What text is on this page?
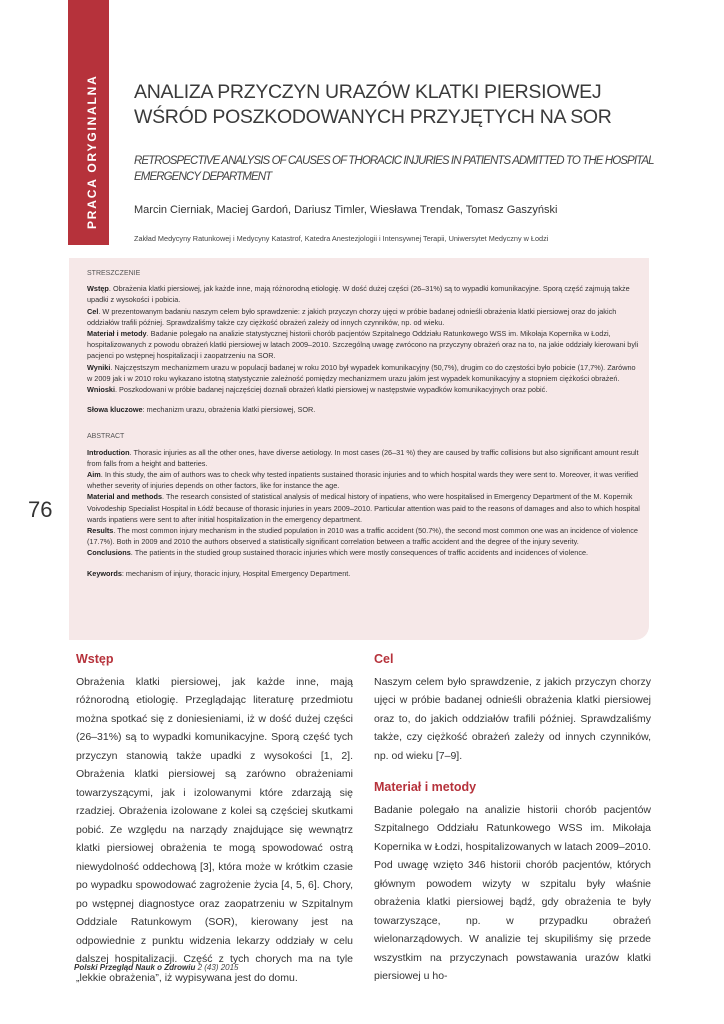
PRACA ORYGINALNA ANALIZA PRZYCZYN URAZÓW KLATKI PIERSIOWEJ WŚRÓD POSZKODOWANYCH PRZYJĘTYCH NA SOR

RETROSPECTIVE ANALYSIS OF CAUSES OF THORACIC INJURIES IN PATIENTS ADMITTED TO THE HOSPITAL EMERGENCY DEPARTMENT

Marcin Cierniak, Maciej Gardoń, Dariusz Timler, Wiesława Trendak, Tomasz Gaszyński
Zakład Medycyny Ratunkowej i Medycyny Katastrof, Katedra Anestezjologii i Intensywnej Terapii, Uniwersytet Medyczny w Łodzi
STRESZCZENIE

Wstęp. Obrażenia klatki piersiowej, jak każde inne, mają różnorodną etiologię. W dość dużej części (26–31%) są to wypadki komunikacyjne. Sporą część zajmują także upadki z wysokości i pobicia.

Cel. W prezentowanym badaniu naszym celem było sprawdzenie: z jakich przyczyn chorzy ujęci w próbie badanej odnieśli obrażenia klatki piersiowej oraz do jakich oddziałów trafili później. Sprawdzaliśmy także czy ciężkość obrażeń zależy od innych czynników, np. od wieku.

Materiał i metody. Badanie polegało na analizie statystycznej historii chorób pacjentów Szpitalnego Oddziału Ratunkowego WSS im. Mikołaja Kopernika w Łodzi, hospitalizowanych z powodu obrażeń klatki piersiowej w latach 2009–2010. Szczególną uwagę zwrócono na przyczyny obrażeń oraz na to, na jakie oddziały kierowani byli pacjenci po wstępnej hospitalizacji i zaopatrzeniu na SOR.

Wyniki. Najczęstszym mechanizmem urazu w populacji badanej w roku 2010 był wypadek komunikacyjny (50,7%), drugim co do częstości było pobicie (17,7%). Zarówno w 2009 jak i w 2010 roku wykazano istotną statystycznie zależność pomiędzy mechanizmem urazu jakim jest wypadek komunikacyjny a stopniem ciężkości obrażeń.

Wnioski. Poszkodowani w próbie badanej najczęściej doznali obrażeń klatki piersiowej w następstwie wypadków komunikacyjnych oraz pobić.

Słowa kluczowe: mechanizm urazu, obrażenia klatki piersiowej, SOR.

ABSTRACT

Introduction. Thorasic injuries as all the other ones, have diverse aetiology. In most cases (26–31 %) they are caused by traffic collisions but also significant amount result from falls from a height and batteries.

Aim. In this study, the aim of authors was to check why tested inpatients sustained thorasic injuries and to which hospital wards they were sent to. Moreover, it was verified whether severity of injuries depends on other factors, like for instance the age.

Material and methods. The research consisted of statistical analysis of medical history of inpatiens, who were hospitalised in Emergency Department of the M. Kopernik Voivodeship Specialist Hospital in Łódź because of thorasic injuries in years 2009–2010. Particular attention was paid to the reasons of damages and also to which hospital wards inpatiens were sent to after initial hospitalization in the emergency department.

Results. The most common injury mechanism in the studied population in 2010 was a traffic accident (50.7%), the second most common one was an incidence of violence (17.7%). Both in 2009 and 2010 the authors observed a statistically significant correlation between a traffic accident and the degree of the injury severity.

Conclusions. The patients in the studied group sustained thoracic injuries which were mostly consequences of traffic accidents and incidences of violence.

Keywords: mechanism of injury, thoracic injury, Hospital Emergency Department.

76
Wstęp

Obrażenia klatki piersiowej, jak każde inne, mają różnorodną etiologię. Przeglądając literaturę przedmiotu można spotkać się z doniesieniami, iż w dość dużej części (26–31%) są to wypadki komunikacyjne. Sporą część tych przyczyn stanowią także upadki z wysokości [1, 2]. Obrażenia klatki piersiowej są zarówno obrażeniami towarzyszącymi, jak i izolowanymi które zdarzają się rzadziej. Obrażenia izolowane z kolei są częściej skutkami pobić. Ze względu na narządy znajdujące się wewnątrz klatki piersiowej obrażenia te mogą spowodować ostrą niewydolność oddechową [3], która może w krótkim czasie po wypadku spowodować zagrożenie życia [4, 5, 6]. Chory, po wstępnej diagnostyce oraz zaopatrzeniu w Szpitalnym Oddziale Ratunkowym (SOR), kierowany jest na odpowiednie z punktu widzenia lekarzy oddziały w celu dalszej hospitalizacji. Część z tych chorych ma na tyle „lekkie obrażenia”, iż wypisywana jest do domu.

Cel

Naszym celem było sprawdzenie, z jakich przyczyn chorzy ujęci w próbie badanej odnieśli obrażenia klatki piersiowej oraz to, do jakich oddziałów trafili później. Sprawdzaliśmy także, czy ciężkość obrażeń zależy od innych czynników, np. od wieku [7–9].

Materiał i metody

Badanie polegało na analizie historii chorób pacjentów Szpitalnego Oddziału Ratunkowego WSS im. Mikołaja Kopernika w Łodzi, hospitalizowanych w latach 2009–2010. Pod uwagę wzięto 346 historii chorób pacjentów, których głównym powodem wizyty w szpitalu były właśnie obrażenia klatki piersiowej bądź, gdy obrażenia te były towarzyszące, np. w przypadku obrażeń wielonarządowych. W analizie tej skupiliśmy się przede wszystkim na przyczynach powstawania urazów klatki piersiowej u ho-

Polski Przegląd Nauk o Zdrowiu 2 (43) 2015
